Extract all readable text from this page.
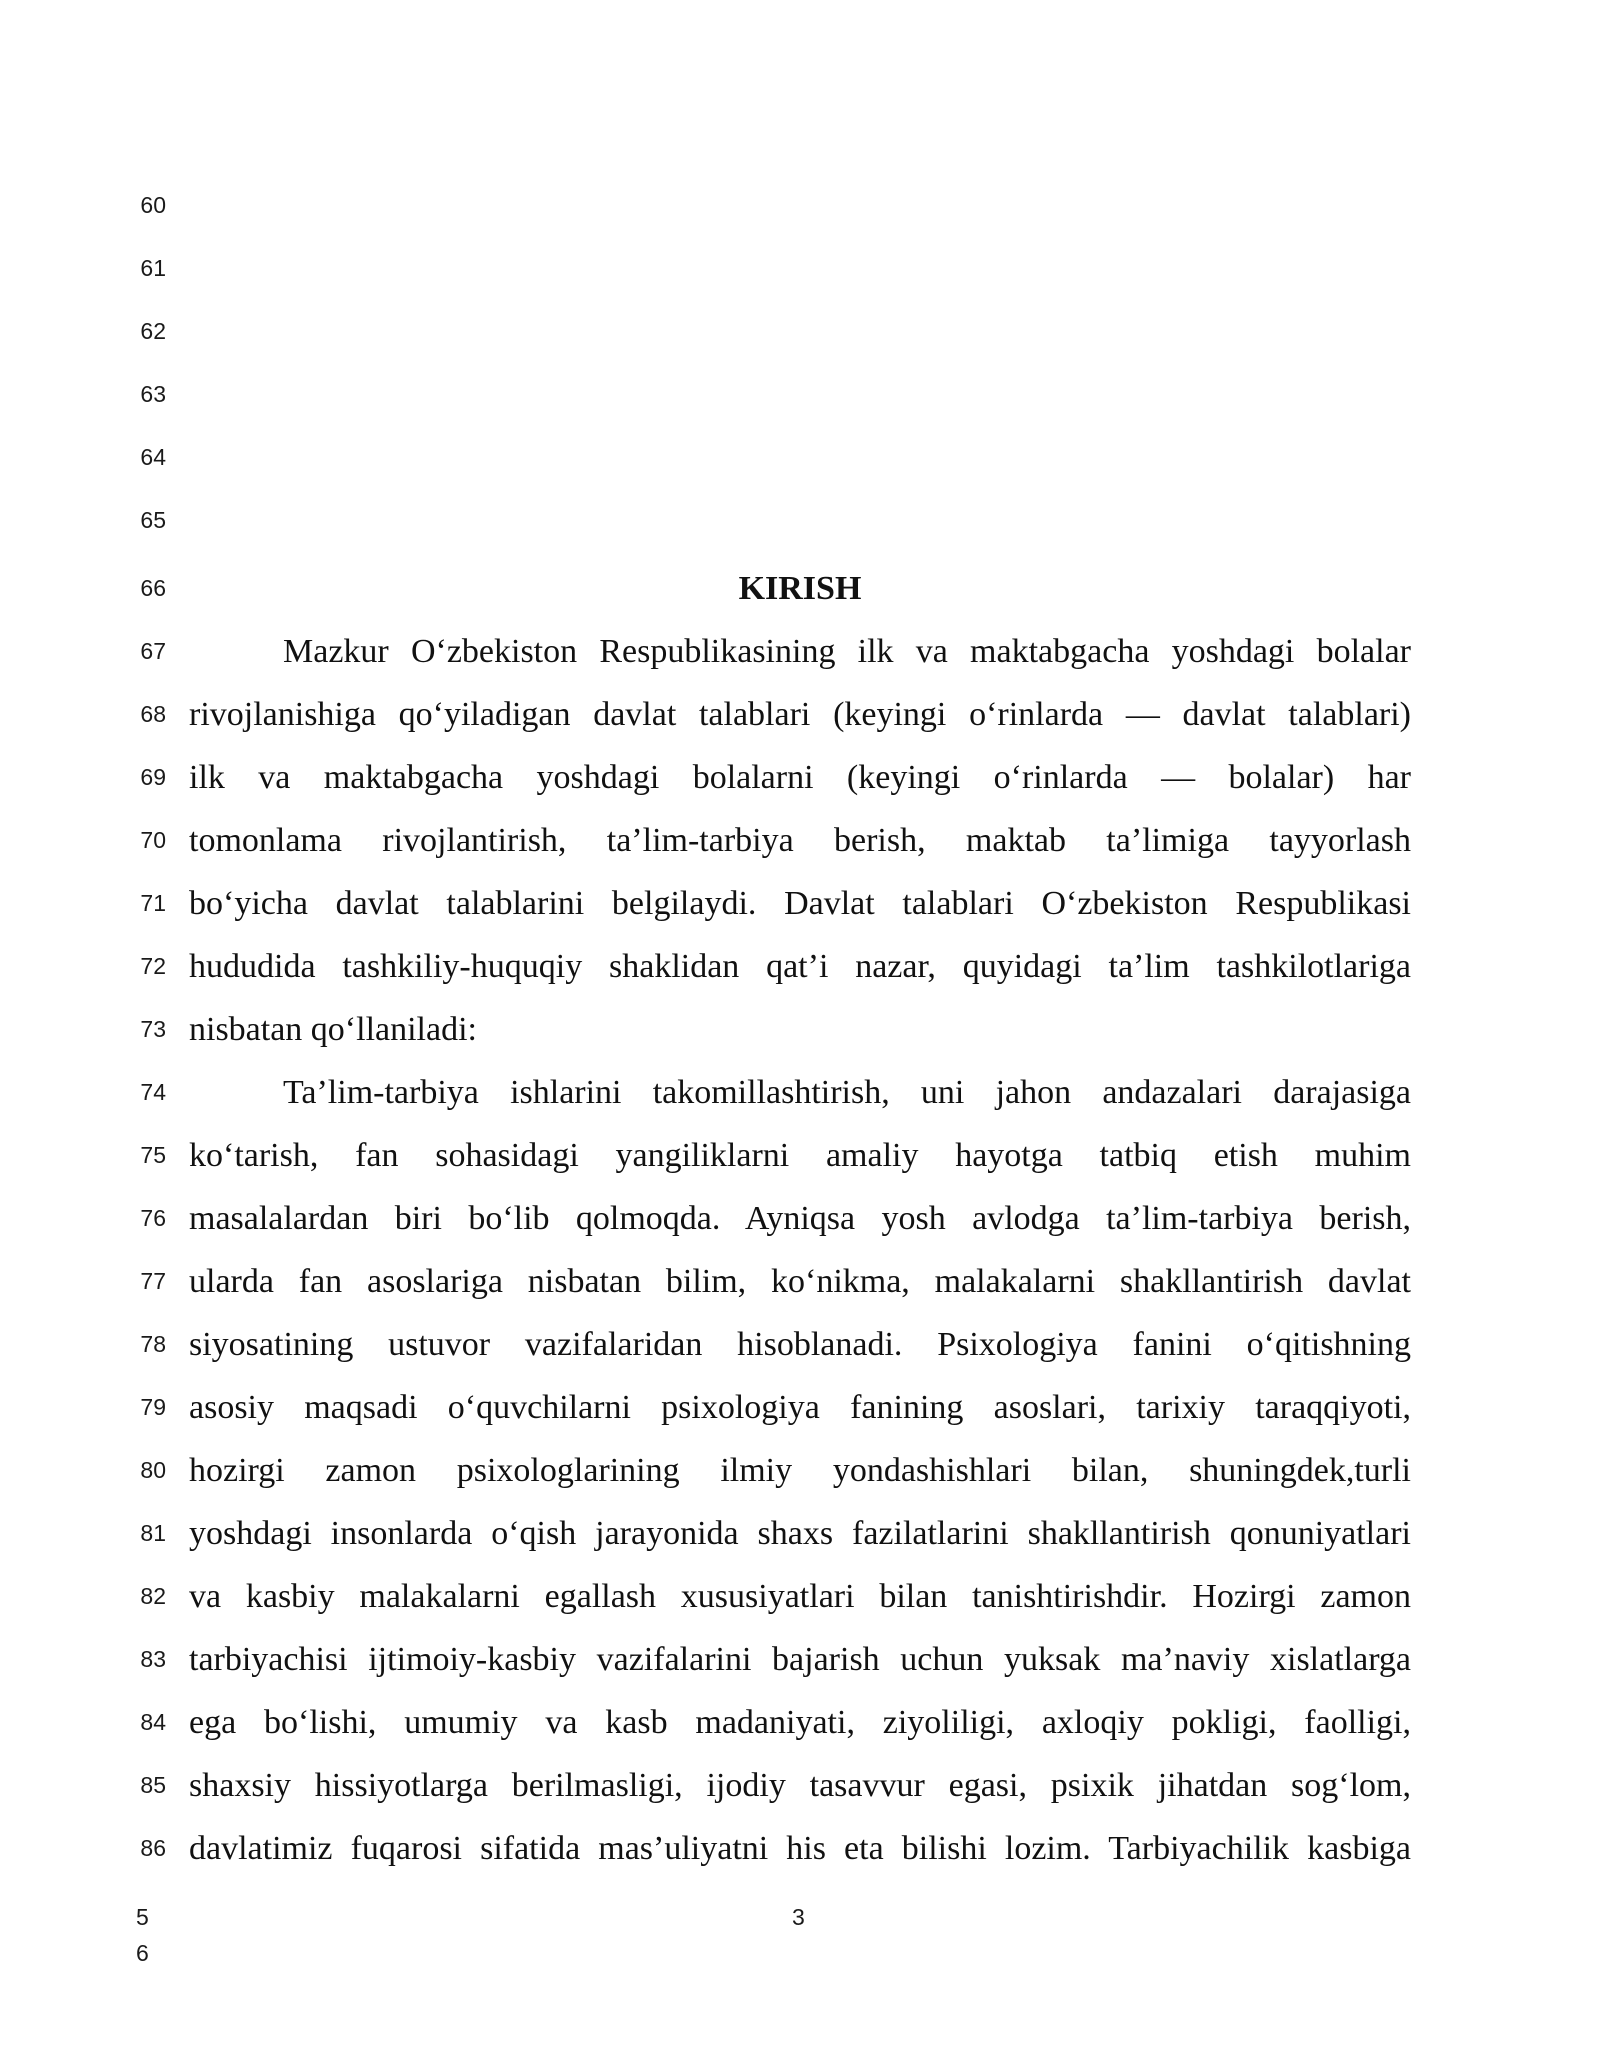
60
61
62
63
64
65
66	KIRISH
67	Mazkur O‘zbekiston Respublikasining ilk va maktabgacha yoshdagi bolalar
68 rivojlanishiga qo‘yiladigan davlat talablari (keyingi o‘rinlarda — davlat talablari)
69 ilk va maktabgacha yoshdagi bolalarni (keyingi o‘rinlarda — bolalar) har
70 tomonlama rivojlantirish, ta’lim-tarbiya berish, maktab ta’limiga tayyorlash
71 bo‘yicha davlat talablarini belgilaydi. Davlat talablari O‘zbekiston Respublikasi
72 hududida tashkiliy-huquqiy shaklidan qat’i nazar, quyidagi ta’lim tashkilotlariga
73 nisbatan qo‘llaniladi:
74	Ta’lim-tarbiya ishlarini takomillashtirish, uni jahon andazalari darajasiga
75 ko‘tarish, fan sohasidagi yangiliklarni amaliy hayotga tatbiq etish muhim
76 masalalardan biri bo‘lib qolmoqda. Ayniqsa yosh avlodga ta’lim-tarbiya berish,
77 ularda fan asoslariga nisbatan bilim, ko‘nikma, malakalarni shakllantirish davlat
78 siyosatining ustuvor vazifalaridan hisoblanadi. Psixologiya fanini o‘qitishning
79 asosiy maqsadi o‘quvchilarni psixologiya fanining asoslari, tarixiy taraqqiyoti,
80 hozirgi zamon psixologlarining ilmiy yondashishlari bilan, shuningdek,turli
81 yoshdagi insonlarda o‘qish jarayonida shaxs fazilatlarini shakllantirish qonuniyatlari
82 va kasbiy malakalarni egallash xususiyatlari bilan tanishtirishdir. Hozirgi zamon
83 tarbiyachisi ijtimoiy-kasbiy vazifalarini bajarish uchun yuksak ma’naviy xislatlarga
84 ega bo‘lishi, umumiy va kasb madaniyati, ziyoliligi, axloqiy pokligi, faolligi,
85 shaxsiy hissiyotlarga berilmasligi, ijodiy tasavvur egasi, psixik jihatdan sog‘lom,
86 davlatimiz fuqarosi sifatida mas’uliyatni his eta bilishi lozim. Tarbiyachilik kasbiga
5
6
3
